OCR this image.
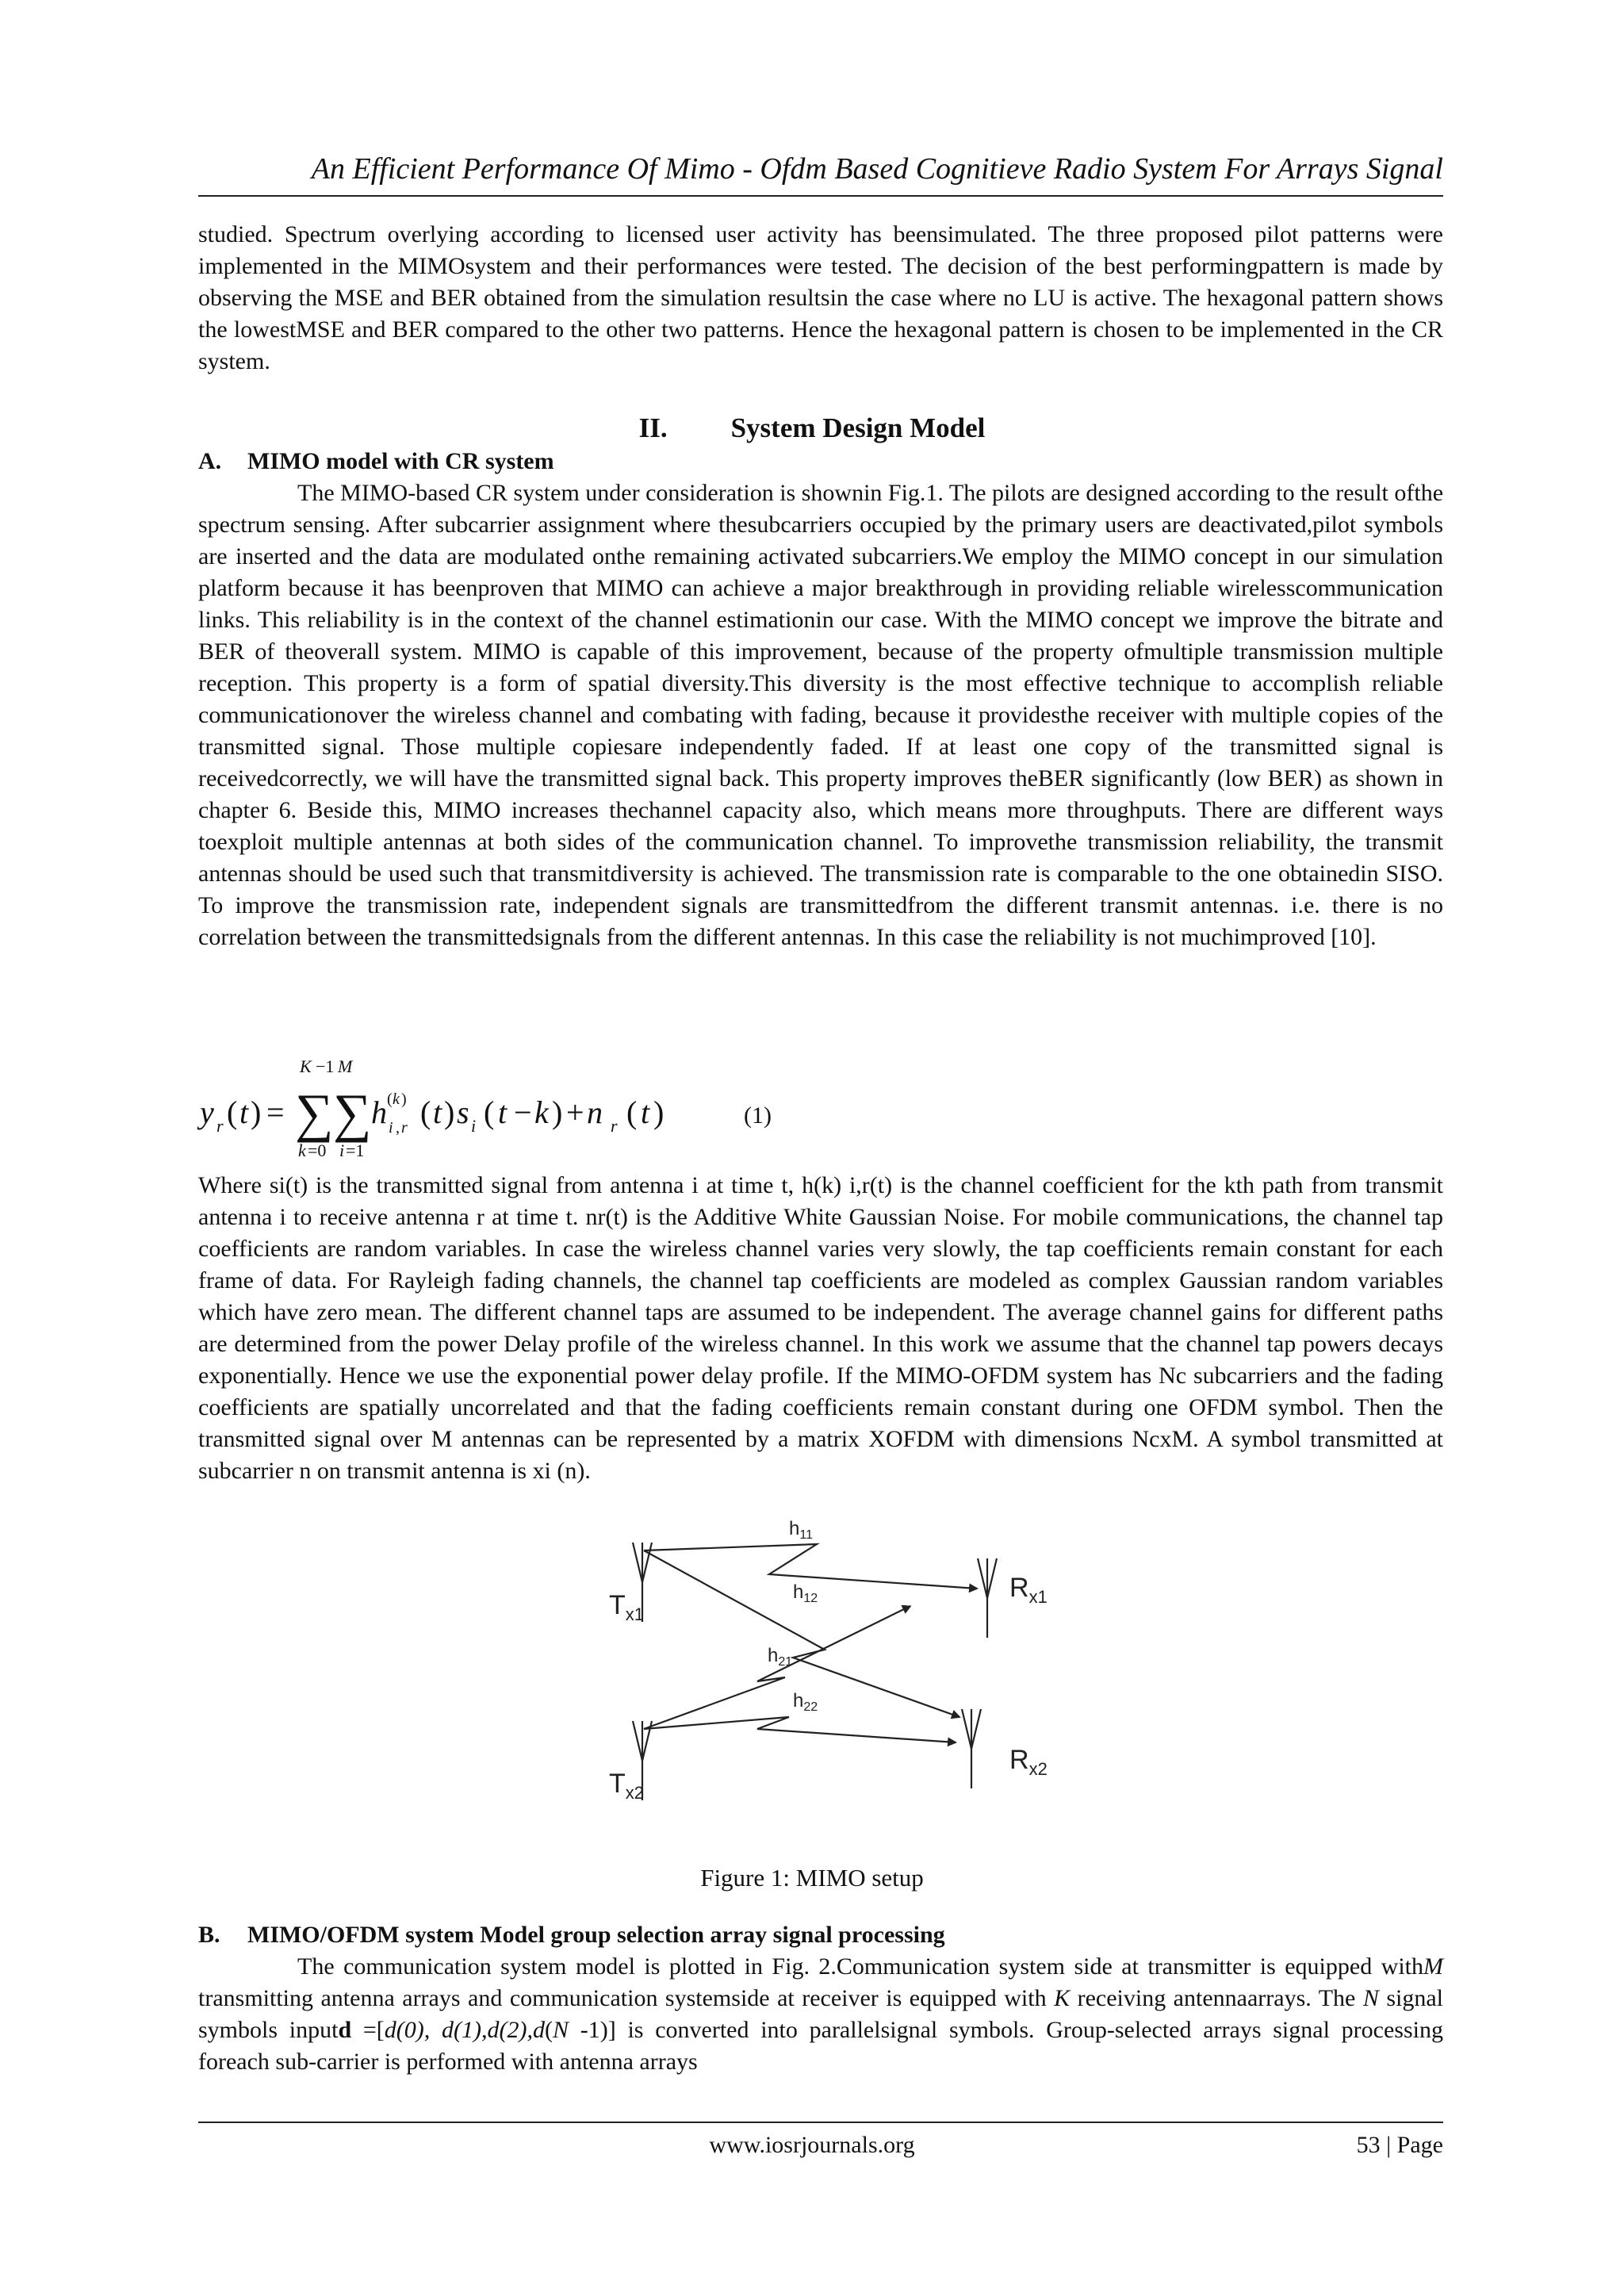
An Efficient Performance Of Mimo - Ofdm Based Cognitieve Radio System For Arrays Signal

studied. Spectrum overlying according to licensed user activity has beensimulated. The three proposed pilot patterns were implemented in the MIMOsystem and their performances were tested. The decision of the best performingpattern is made by observing the MSE and BER obtained from the simulation resultsin the case where no LU is active. The hexagonal pattern shows the lowestMSE and BER compared to the other two patterns. Hence the hexagonal pattern is chosen to be implemented in the CR system.

II. System Design Model
A. MIMO model with CR system

The MIMO-based CR system under consideration is shownin Fig.1. The pilots are designed according to the result ofthe spectrum sensing. After subcarrier assignment where thesubcarriers occupied by the primary users are deactivated,pilot symbols are inserted and the data are modulated onthe remaining activated subcarriers.We employ the MIMO concept in our simulation platform because it has beenproven that MIMO can achieve a major breakthrough in providing reliable wirelesscommunication links. This reliability is in the context of the channel estimationin our case. With the MIMO concept we improve the bitrate and BER of theoverall system. MIMO is capable of this improvement, because of the property ofmultiple transmission multiple reception. This property is a form of spatial diversity.This diversity is the most effective technique to accomplish reliable communicationover the wireless channel and combating with fading, because it providesthe receiver with multiple copies of the transmitted signal. Those multiple copiesare independently faded. If at least one copy of the transmitted signal is receivedcorrectly, we will have the transmitted signal back. This property improves theBER significantly (low BER) as shown in chapter 6. Beside this, MIMO increases thechannel capacity also, which means more throughputs. There are different ways toexploit multiple antennas at both sides of the communication channel. To improvethe transmission reliability, the transmit antennas should be used such that transmitdiversity is achieved. The transmission rate is comparable to the one obtainedin SISO. To improve the transmission rate, independent signals are transmittedfrom the different transmit antennas. i.e. there is no correlation between the transmittedsignals from the different antennas. In this case the reliability is not muchimproved [10].

K −1 M
y r ( t ) = ∑ ∑ h ( k )
i , r ( t ) s i ( t − k ) + n r ( t )
k =0 i =1
(1)

Where si(t) is the transmitted signal from antenna i at time t, h(k) i,r(t) is the channel coefficient for the kth path from transmit antenna i to receive antenna r at time t. nr(t) is the Additive White Gaussian Noise. For mobile communications, the channel tap coefficients are random variables. In case the wireless channel varies very slowly, the tap coefficients remain constant for each frame of data. For Rayleigh fading channels, the channel tap coefficients are modeled as complex Gaussian random variables which have zero mean. The different channel taps are assumed to be independent. The average channel gains for different paths are determined from the power Delay profile of the wireless channel. In this work we assume that the channel tap powers decays exponentially. Hence we use the exponential power delay profile. If the MIMO-OFDM system has Nc subcarriers and the fading coefficients are spatially uncorrelated and that the fading coefficients remain constant during one OFDM symbol. Then the transmitted signal over M antennas can be represented by a matrix XOFDM with dimensions NcxM. A symbol transmitted at subcarrier n on transmit antenna is xi (n).

$T_{x1}$
$T_{x2}$
$R_{x1}$
$R_{x2}$
$h_{11}$
$h_{12}$
$h_{21}$
$h_{22}$
Figure 1: MIMO setup
B. MIMO/OFDM system Model group selection array signal processing

The communication system model is plotted in Fig. 2.Communication system side at transmitter is equipped withM transmitting antenna arrays and communication systemside at receiver is equipped with K receiving antennaarrays. The N signal symbols inputd =[d(0), d(1),d(2),d(N -1)] is converted into parallelsignal symbols. Group-selected arrays signal processing foreach sub-carrier is performed with antenna arrays

www.iosrjournals.org	53 | Page
